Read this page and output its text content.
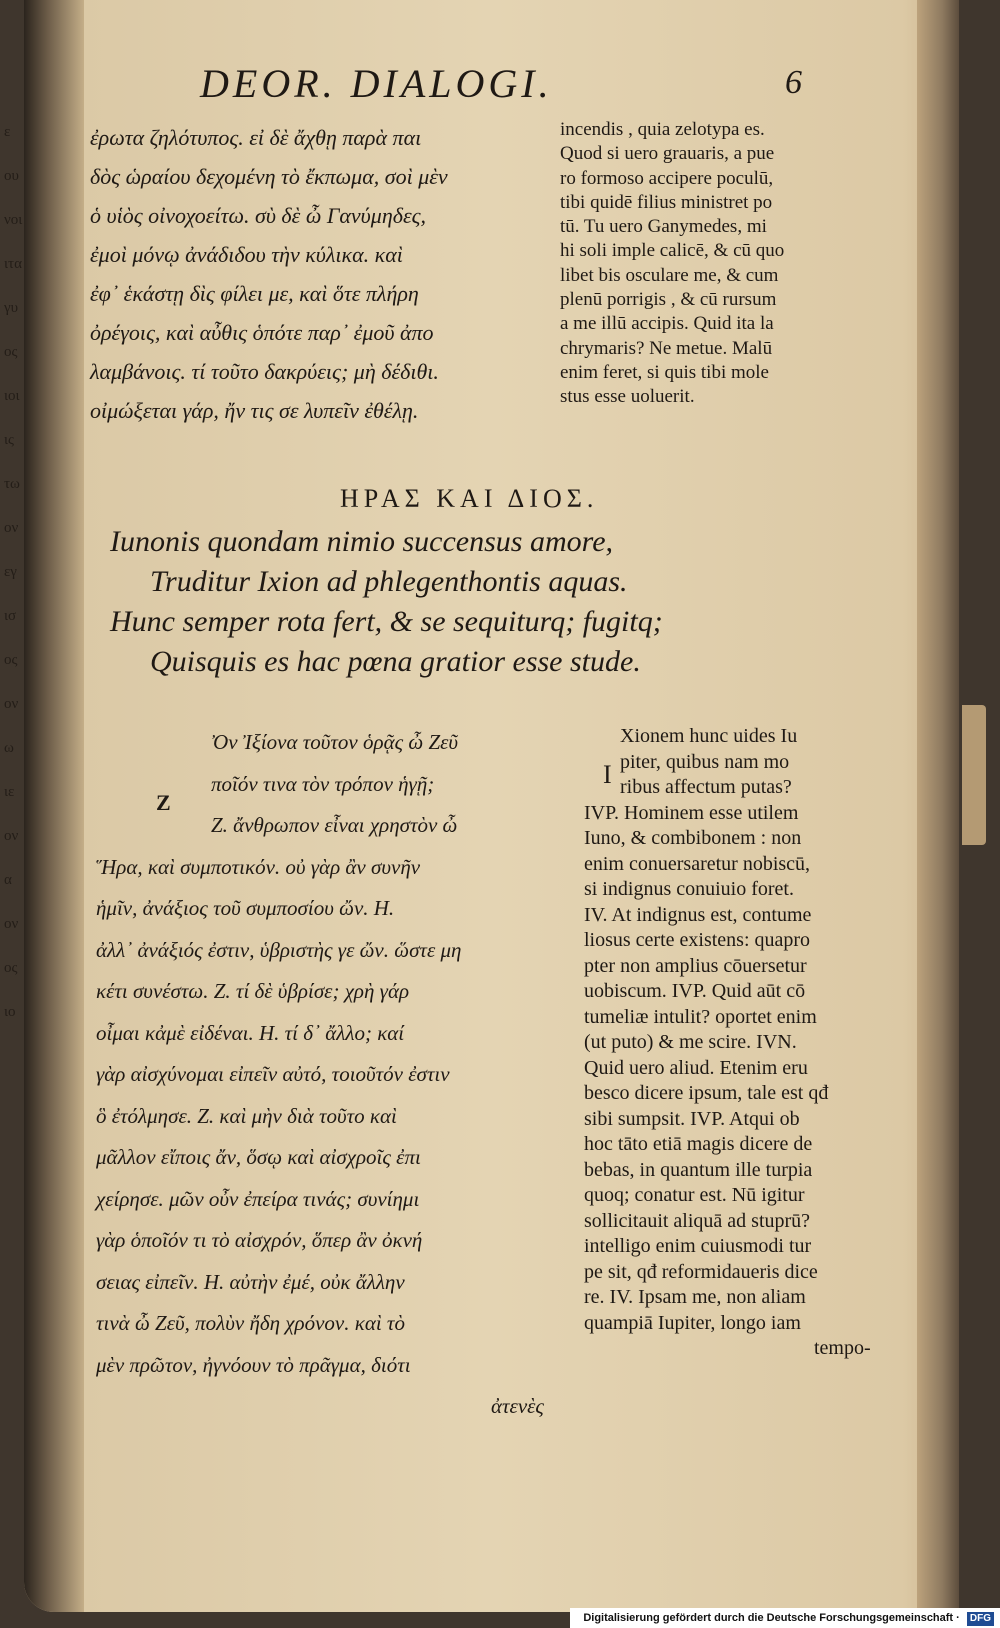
ε
ου
νοι
ιτα
γυ
ος
ιοι
ις
τω
ον
εγ
ισ
ος
ον
ω
ιε
ον
α
ον
ος
ιο
DEOR. DIALOGI.	6
ἐρωτα ζηλότυπος. εἰ δὲ ἄχθῃ παρὰ παι
δὸς ὡραίου δεχομένη τὸ ἔκπωμα, σοὶ μὲν
ὁ υἱὸς οἰνοχοείτω. σὺ δὲ ὦ Γανύμηδες,
ἐμοὶ μόνῳ ἀνάδιδου τὴν κύλικα. καὶ
ἐφ᾽ ἑκάστῃ δὶς φίλει με, καὶ ὅτε πλήρη
ὀρέγοις, καὶ αὖθις ὁπότε παρ᾽ ἐμοῦ ἀπο
λαμβάνοις. τί τοῦτο δακρύεις; μὴ δέδιθι.
οἰμώξεται γάρ, ἤν τις σε λυπεῖν ἐθέλῃ.
incendis , quia zelotypa es.
Quod si uero grauaris, a pue
ro formoso accipere poculū,
tibi quidē filius ministret po
tū. Tu uero Ganymedes, mi
hi soli imple calicē, & cū quo
libet bis osculare me, & cum
plenū porrigis , & cū rursum
a me illū accipis. Quid ita la
chrymaris? Ne metue. Malū
enim feret, si quis tibi mole
stus esse uoluerit.
ΗΡΑΣ ΚΑΙ ΔΙΟΣ.
Iunonis quondam nimio succensus amore,
Truditur Ixion ad phlegenthontis aquas.
Hunc semper rota fert, & se sequiturq; fugitq;
Quisquis es hac pœna gratior esse stude.
Ὀν Ἰξίονα τοῦτον ὁρᾷς ὦ Ζεῦ
ποῖόν τινα τὸν τρόπον ἡγῇ;
Ζ. ἄνθρωπον εἶναι χρηστὸν ὦ
Ἥρα, καὶ συμποτικόν. οὐ γὰρ ἂν συνῆν
ἡμῖν, ἀνάξιος τοῦ συμποσίου ὤν. Η.
ἀλλ᾽ ἀνάξιός ἐστιν, ὑβριστὴς γε ὤν. ὥστε μη
κέτι συνέστω. Ζ. τί δὲ ὑβρίσε; χρὴ γάρ
οἶμαι κἀμὲ εἰδέναι. Η. τί δ᾽ ἄλλο; καί
γὰρ αἰσχύνομαι εἰπεῖν αὐτό, τοιοῦτόν ἐστιν
ὃ ἐτόλμησε. Ζ. καὶ μὴν διὰ τοῦτο καὶ
μᾶλλον εἴποις ἄν, ὅσῳ καὶ αἰσχροῖς ἐπι
χείρησε. μῶν οὖν ἐπείρα τινάς; συνίημι
γὰρ ὁποῖόν τι τὸ αἰσχρόν, ὅπερ ἂν ὀκνή
σειας εἰπεῖν. Η. αὐτὴν ἐμέ, οὐκ ἄλλην
τινὰ ὦ Ζεῦ, πολὺν ἤδη χρόνον. καὶ τὸ
μὲν πρῶτον, ἠγνόουν τὸ πρᾶγμα, διότι
ἀτενὲς
Ζ
I
Xionem hunc uides Iu
piter, quibus nam mo
ribus affectum putas?
IVP. Hominem esse utilem
Iuno, & combibonem : non
enim conuersaretur nobiscū,
si indignus conuiuio foret.
IV. At indignus est, contume
liosus certe existens: quapro
pter non amplius cōuersetur
uobiscum. IVP. Quid aūt cō
tumeliæ intulit? oportet enim
(ut puto) & me scire. IVN.
Quid uero aliud. Etenim eru
besco dicere ipsum, tale est qđ
sibi sumpsit. IVP. Atqui ob
hoc tāto etiā magis dicere de
bebas, in quantum ille turpia
quoq; conatur est. Nū igitur
sollicitauit aliquā ad stuprū?
intelligo enim cuiusmodi tur
pe sit, qđ reformidaueris dice
re. IV. Ipsam me, non aliam
quampiā Iupiter, longo iam
tempo-
Digitalisierung gefördert durch die Deutsche Forschungsgemeinschaft · DFG
